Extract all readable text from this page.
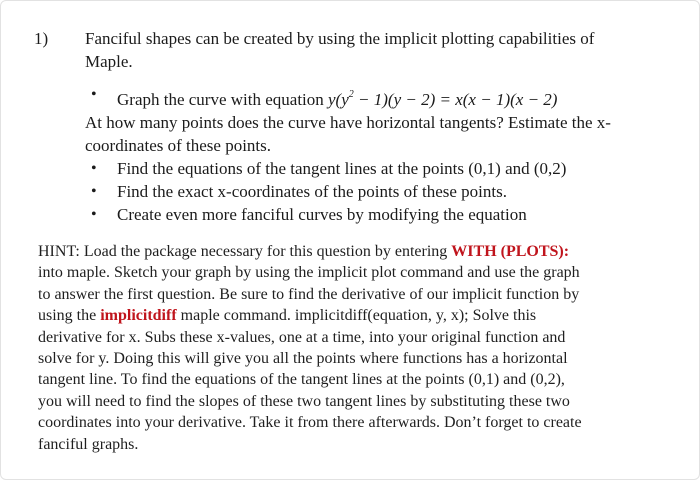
1) Fanciful shapes can be created by using the implicit plotting capabilities of
Maple.
• Graph the curve with equation $y(y^2 - 1)(y - 2) = x(x - 1)(x - 2)$
At how many points does the curve have horizontal tangents? Estimate the x-
coordinates of these points.
• Find the equations of the tangent lines at the points (0,1) and (0,2)
• Find the exact x-coordinates of the points of these points.
• Create even more fanciful curves by modifying the equation
HINT: Load the package necessary for this question by entering WITH (PLOTS):
into maple. Sketch your graph by using the implicit plot command and use the graph
to answer the first question. Be sure to find the derivative of our implicit function by
using the implicitdiff maple command. implicitdiff(equation, y, x); Solve this
derivative for x. Subs these x-values, one at a time, into your original function and
solve for y. Doing this will give you all the points where functions has a horizontal
tangent line. To find the equations of the tangent lines at the points (0,1) and (0,2),
you will need to find the slopes of these two tangent lines by substituting these two
coordinates into your derivative. Take it from there afterwards. Don’t forget to create
fanciful graphs.
